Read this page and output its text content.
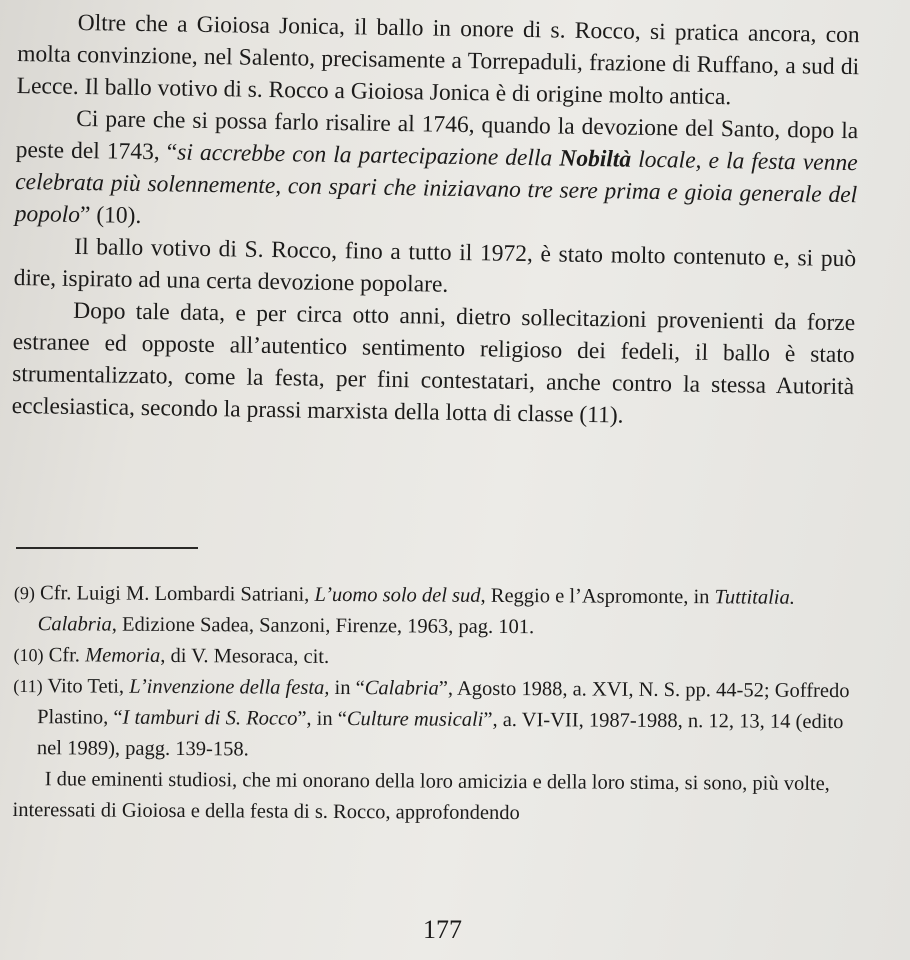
Oltre che a Gioiosa Jonica, il ballo in onore di s. Rocco, si pratica ancora, con molta convinzione, nel Salento, precisamente a Torrepaduli, frazione di Ruffano, a sud di Lecce. Il ballo votivo di s. Rocco a Gioiosa Jonica è di origine molto antica.

Ci pare che si possa farlo risalire al 1746, quando la devozione del Santo, dopo la peste del 1743, “si accrebbe con la partecipazione della Nobiltà locale, e la festa venne celebrata più solennemente, con spari che iniziavano tre sere prima e gioia generale del popolo” (10).

Il ballo votivo di S. Rocco, fino a tutto il 1972, è stato molto contenuto e, si può dire, ispirato ad una certa devozione popolare.

Dopo tale data, e per circa otto anni, dietro sollecitazioni provenienti da forze estranee ed opposte all’autentico sentimento religioso dei fedeli, il ballo è stato strumentalizzato, come la festa, per fini contestatari, anche contro la stessa Autorità ecclesiastica, secondo la prassi marxista della lotta di classe (11).

(9) Cfr. Luigi M. Lombardi Satriani, L’uomo solo del sud, Reggio e l’Aspromonte, in Tuttitalia. Calabria, Edizione Sadea, Sanzoni, Firenze, 1963, pag. 101.

(10) Cfr. Memoria, di V. Mesoraca, cit.

(11) Vito Teti, L’invenzione della festa, in “Calabria”, Agosto 1988, a. XVI, N. S. pp. 44-52; Goffredo Plastino, “I tamburi di S. Rocco”, in “Culture musicali”, a. VI-VII, 1987-1988, n. 12, 13, 14 (edito nel 1989), pagg. 139-158.

I due eminenti studiosi, che mi onorano della loro amicizia e della loro stima, si sono, più volte, interessati di Gioiosa e della festa di s. Rocco, approfondendo

177
